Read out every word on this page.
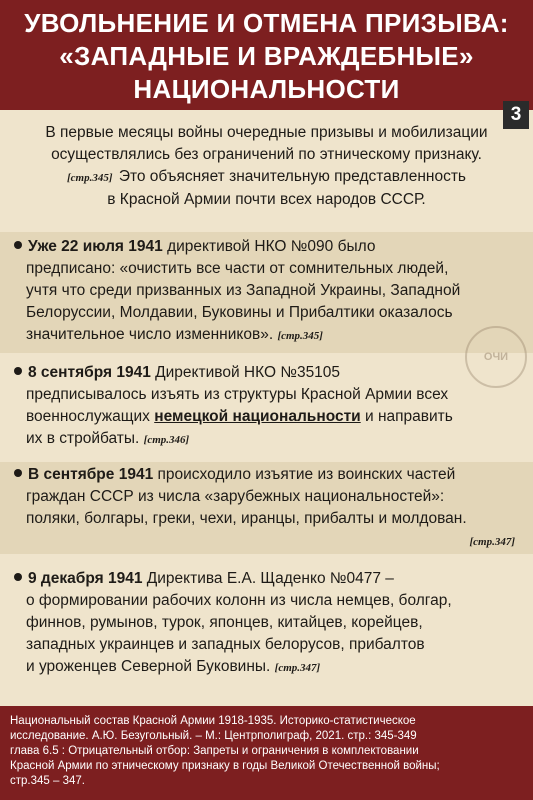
УВОЛЬНЕНИЕ И ОТМЕНА ПРИЗЫВА:
«ЗАПАДНЫЕ И ВРАЖДЕБНЫЕ»
НАЦИОНАЛЬНОСТИ
3
В первые месяцы войны очередные призывы и мобилизации
осуществлялись без ограничений по этническому признаку.
[стр.345] Это объясняет значительную представленность
в Красной Армии почти всех народов СССР.
Уже 22 июля 1941 директивой НКО №090 было
предписано: «очистить все части от сомнительных людей,
учтя что среди призванных из Западной Украины, Западной
Белоруссии, Молдавии, Буковины и Прибалтики оказалось
значительное число изменников». [стр.345]
8 сентября 1941 Директивой НКО №35105
предписывалось изъять из структуры Красной Армии всех
военнослужащих немецкой национальности и направить
их в стройбаты. [стр.346]
ОЧИ
В сентябре 1941 происходило изъятие из воинских частей
граждан СССР из числа «зарубежных национальностей»:
поляки, болгары, греки, чехи, иранцы, прибалты и молдован.
[стр.347]
9 декабря 1941 Директива Е.А. Щаденко №0477 –
о формировании рабочих колонн из числа немцев, болгар,
финнов, румынов, турок, японцев, китайцев, корейцев,
западных украинцев и западных белорусов, прибалтов
и уроженцев Северной Буковины. [стр.347]
Национальный состав Красной Армии 1918-1935. Историко-статистическое
исследование. А.Ю. Безугольный. – М.: Центрполиграф, 2021. стр.: 345-349
глава 6.5 : Отрицательный отбор: Запреты и ограничения в комплектовании
Красной Армии по этническому признаку в годы Великой Отечественной войны;
стр.345 – 347.
